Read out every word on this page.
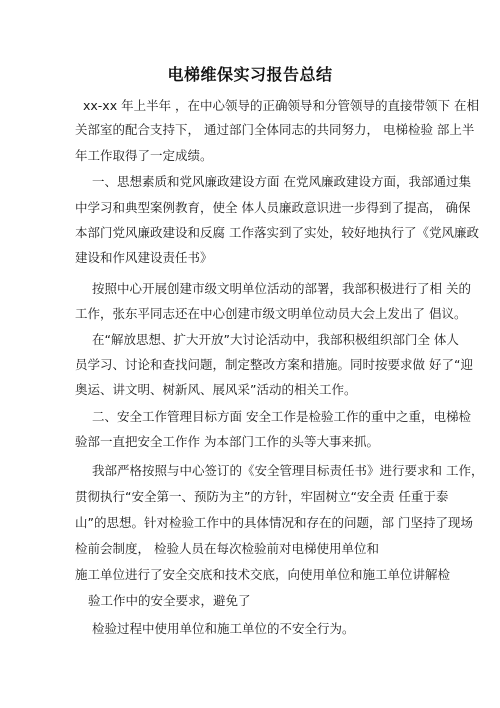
电梯维保实习报告总结
xx-xx 年上半年 ，在中心领导的正确领导和分管领导的直接带领下 在相
关部室的配合支持下， 通过部门全体同志的共同努力， 电梯检验 部上半
年工作取得了一定成绩。
一、思想素质和党风廉政建设方面 在党风廉政建设方面，我部通过集
中学习和典型案例教育，使全 体人员廉政意识进一步得到了提高， 确保
本部门党风廉政建设和反腐 工作落实到了实处，较好地执行了《党风廉政
建设和作风建设责任书》
按照中心开展创建市级文明单位活动的部署，我部积极进行了相 关的
工作，张东平同志还在中心创建市级文明单位动员大会上发出了 倡议。
在“解放思想、扩大开放”大讨论活动中，我部积极组织部门全 体人
员学习、讨论和查找问题，制定整改方案和措施。同时按要求做 好了“迎
奥运、讲文明、树新风、展风采”活动的相关工作。
二、安全工作管理目标方面 安全工作是检验工作的重中之重，电梯检
验部一直把安全工作作 为本部门工作的头等大事来抓。
我部严格按照与中心签订的《安全管理目标责任书》进行要求和 工作，
贯彻执行“安全第一、预防为主”的方针，牢固树立“安全责 任重于泰
山”的思想。针对检验工作中的具体情况和存在的问题，部 门坚持了现场
检前会制度， 检验人员在每次检验前对电梯使用单位和
施工单位进行了安全交底和技术交底，向使用单位和施工单位讲解检
验工作中的安全要求，避免了
检验过程中使用单位和施工单位的不安全行为。
